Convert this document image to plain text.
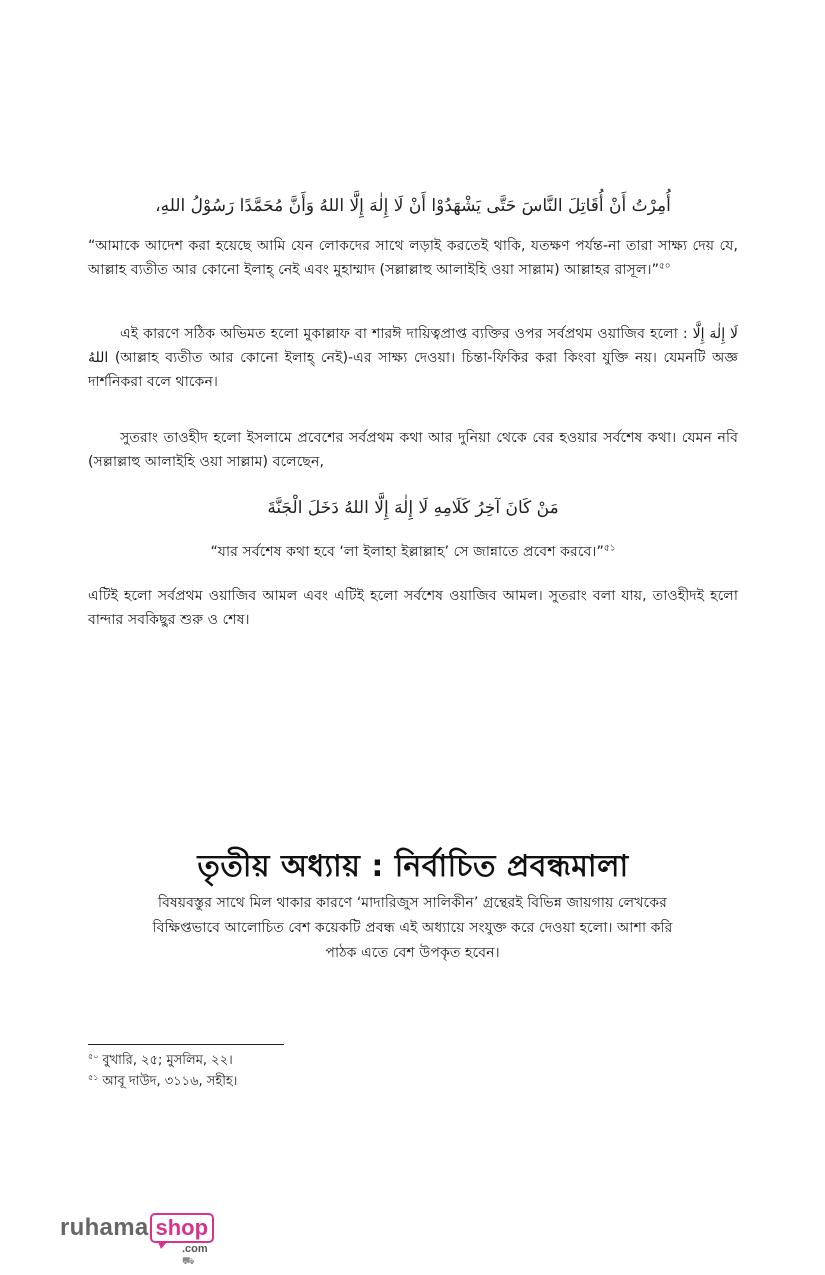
أُمِرْتُ أَنْ أُقَاتِلَ النَّاسَ حَتَّى يَشْهَدُوْا أَنْ لَا إِلٰهَ إِلَّا اللهُ وَأَنَّ مُحَمَّدًا رَسُوْلُ اللهِ،
“আমাকে আদেশ করা হয়েছে আমি যেন লোকদের সাথে লড়াই করতেই থাকি, যতক্ষণ পর্যন্ত-না তারা সাক্ষ্য দেয় যে, আল্লাহ ব্যতীত আর কোনো ইলাহ্ নেই এবং মুহাম্মাদ (সল্লাল্লাহু আলাইহি ওয়া সাল্লাম) আল্লাহর রাসূল।”$^{৫০}$
এই কারণে সঠিক অভিমত হলো মুকাল্লাফ বা শারঈ দায়িত্বপ্রাপ্ত ব্যক্তির ওপর সর্বপ্রথম ওয়াজিব হলো : لَا إِلٰهَ إِلَّا اللهُ (আল্লাহ ব্যতীত আর কোনো ইলাহ্ নেই)-এর সাক্ষ্য দেওয়া। চিন্তা-ফিকির করা কিংবা যুক্তি নয়। যেমনটি অজ্ঞ দার্শনিকরা বলে থাকেন।
সুতরাং তাওহীদ হলো ইসলামে প্রবেশের সর্বপ্রথম কথা আর দুনিয়া থেকে বের হওয়ার সর্বশেষ কথা। যেমন নবি (সল্লাল্লাহু আলাইহি ওয়া সাল্লাম) বলেছেন,
مَنْ كَانَ آخِرُ كَلَامِهِ لَا إِلٰهَ إِلَّا اللهُ دَخَلَ الْجَنَّةَ
“যার সর্বশেষ কথা হবে ‘লা ইলাহা ইল্লাল্লাহ’ সে জান্নাতে প্রবেশ করবে।”$^{৫১}$
এটিই হলো সর্বপ্রথম ওয়াজিব আমল এবং এটিই হলো সর্বশেষ ওয়াজিব আমল। সুতরাং বলা যায়, তাওহীদই হলো বান্দার সবকিছুর শুরু ও শেষ।
তৃতীয় অধ্যায় : নির্বাচিত প্রবন্ধমালা
বিষয়বস্তুর সাথে মিল থাকার কারণে ‘মাদারিজুস সালিকীন’ গ্রন্থেরই বিভিন্ন জায়গায় লেখকের বিক্ষিপ্তভাবে আলোচিত বেশ কয়েকটি প্রবন্ধ এই অধ্যায়ে সংযুক্ত করে দেওয়া হলো। আশা করি পাঠক এতে বেশ উপকৃত হবেন।
$^{৫০}$ বুখারি, ২৫; মুসলিম, ২২।
$^{৫১}$ আবূ দাউদ, ৩১১৬, সহীহ।
ruhama shop
.com⛟
